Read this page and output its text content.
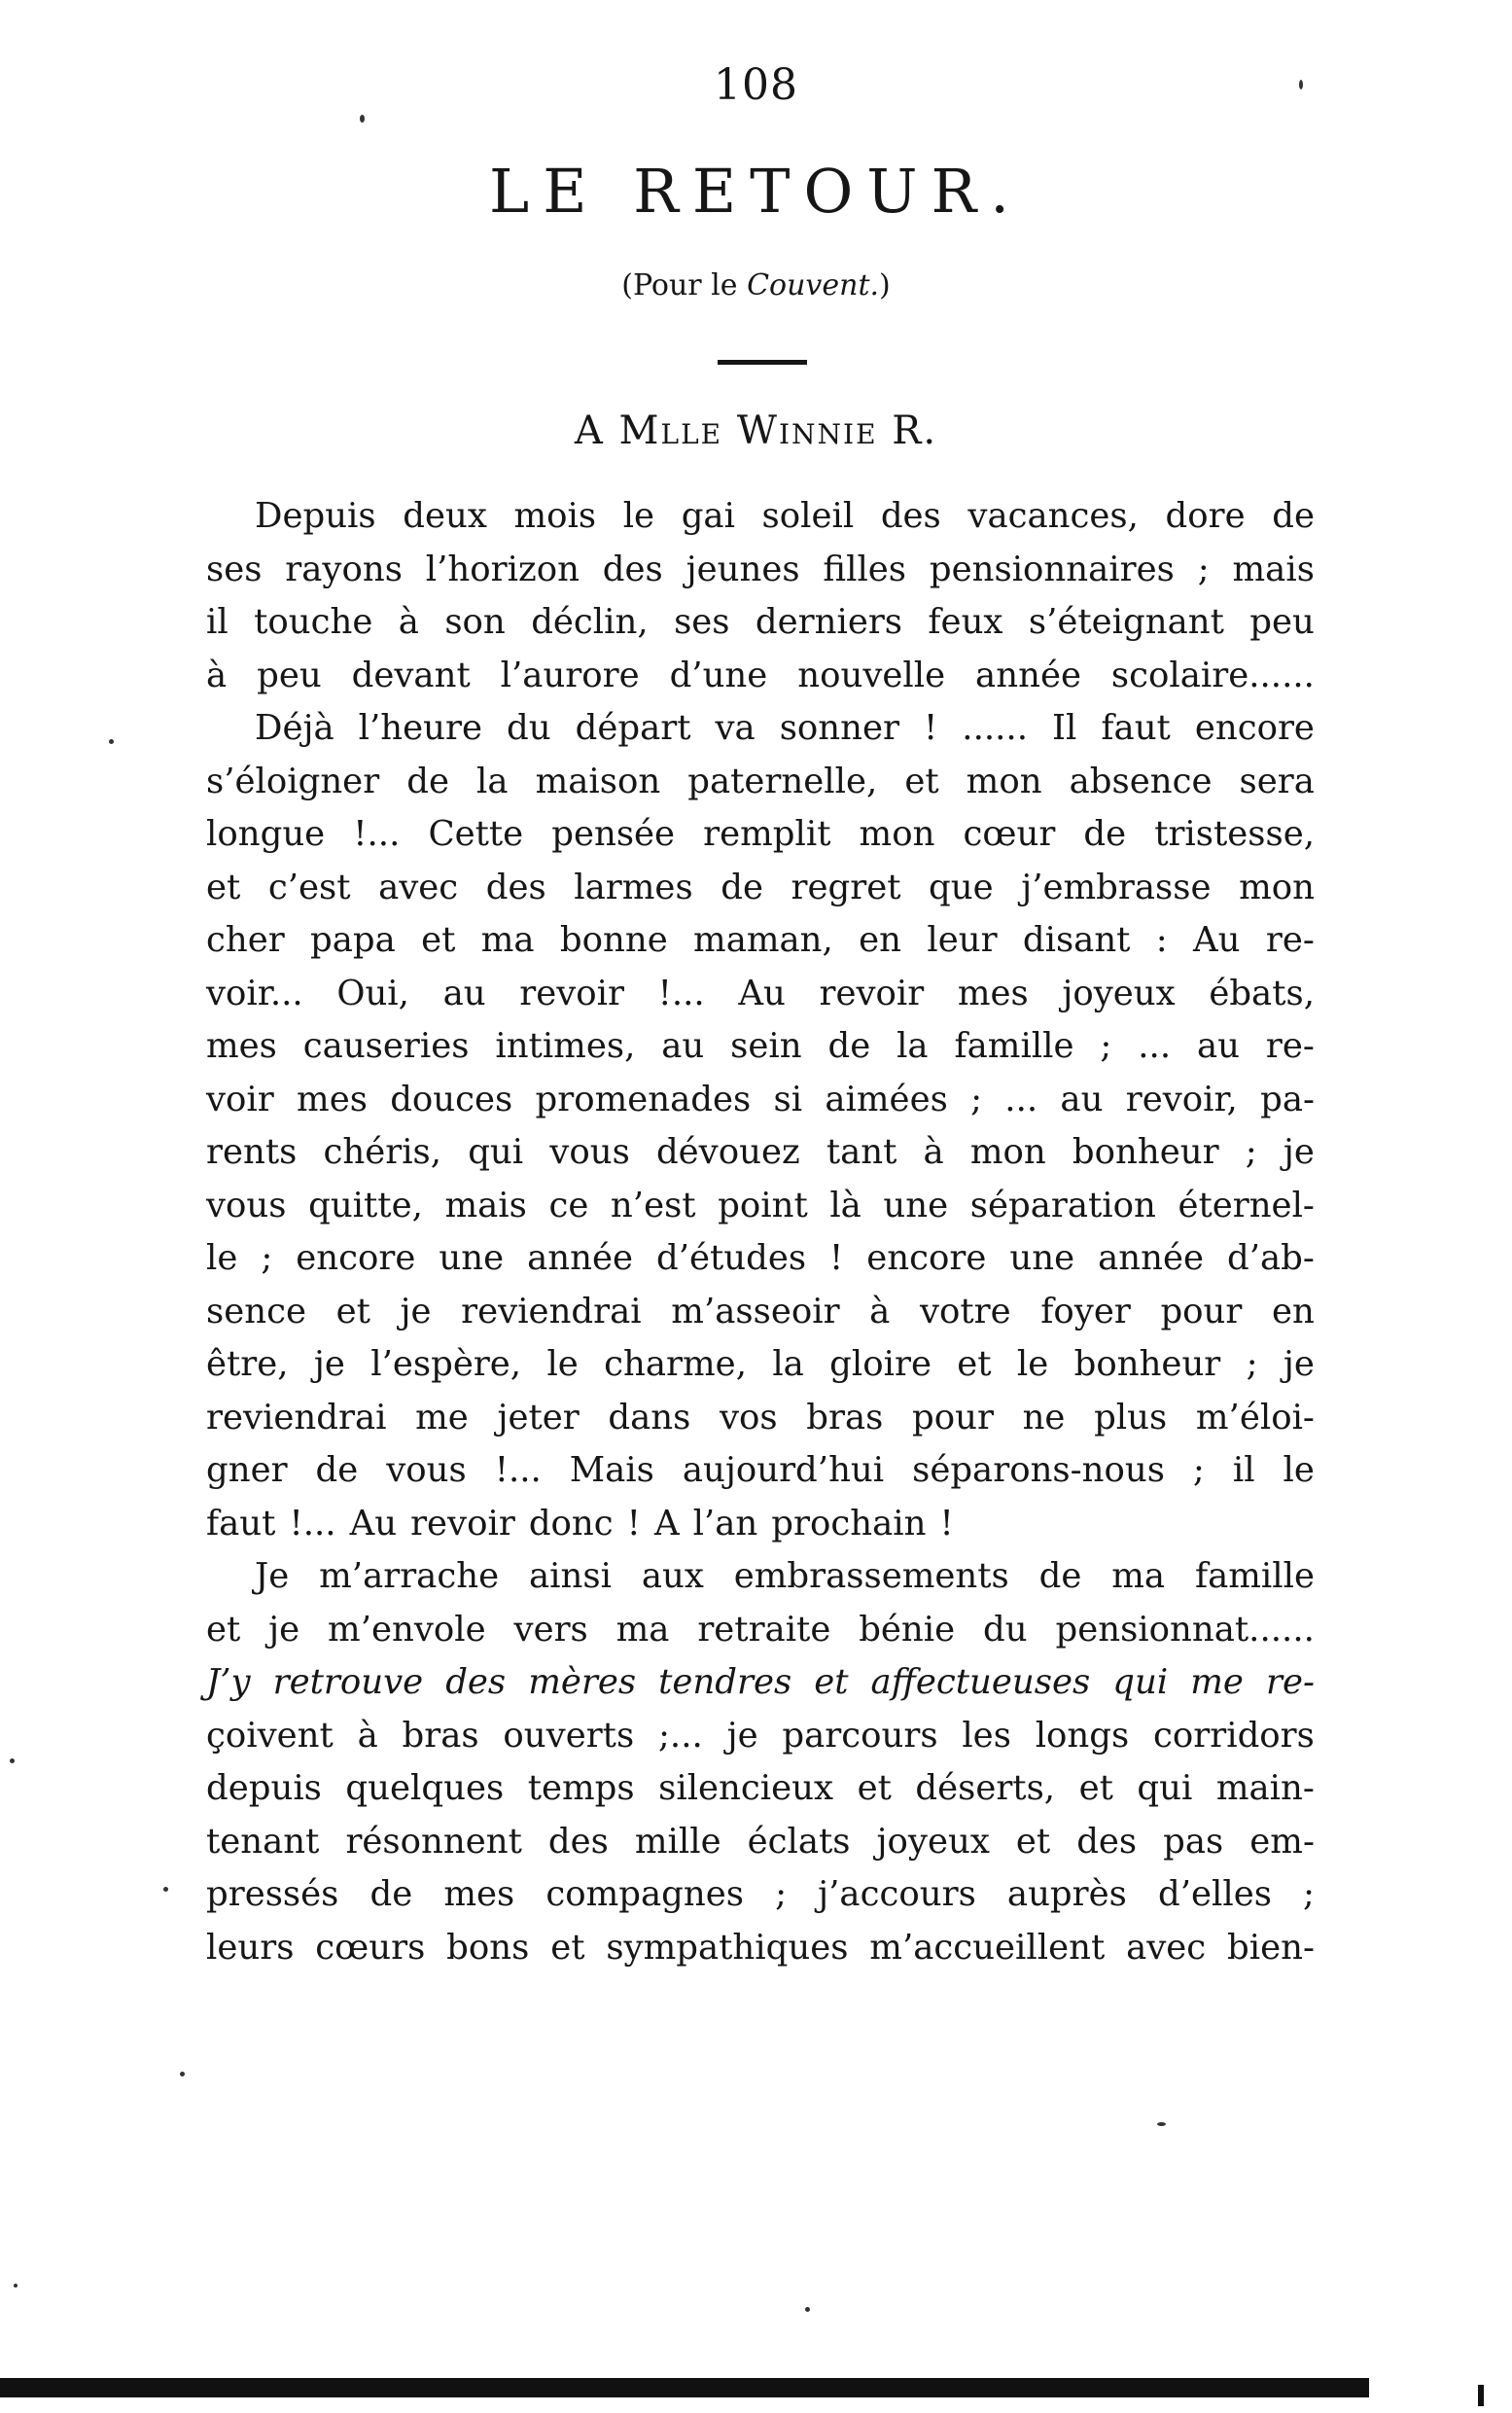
108
LE RETOUR.
(Pour le Couvent.)
A Mlle Winnie R.
Depuis deux mois le gai soleil des vacances, dore de
ses rayons l’horizon des jeunes filles pensionnaires ; mais
il touche à son déclin, ses derniers feux s’éteignant peu
à peu devant l’aurore d’une nouvelle année scolaire......
Déjà l’heure du départ va sonner ! ...... Il faut encore
s’éloigner de la maison paternelle, et mon absence sera
longue !... Cette pensée remplit mon cœur de tristesse,
et c’est avec des larmes de regret que j’embrasse mon
cher papa et ma bonne maman, en leur disant : Au re-
voir... Oui, au revoir !... Au revoir mes joyeux ébats,
mes causeries intimes, au sein de la famille ; ... au re-
voir mes douces promenades si aimées ; ... au revoir, pa-
rents chéris, qui vous dévouez tant à mon bonheur ; je
vous quitte, mais ce n’est point là une séparation éternel-
le ; encore une année d’études ! encore une année d’ab-
sence et je reviendrai m’asseoir à votre foyer pour en
être, je l’espère, le charme, la gloire et le bonheur ; je
reviendrai me jeter dans vos bras pour ne plus m’éloi-
gner de vous !... Mais aujourd’hui séparons-nous ; il le
faut !... Au revoir donc ! A l’an prochain !
Je m’arrache ainsi aux embrassements de ma famille
et je m’envole vers ma retraite bénie du pensionnat......
J’y retrouve des mères tendres et affectueuses qui me re-
çoivent à bras ouverts ;... je parcours les longs corridors
depuis quelques temps silencieux et déserts, et qui main-
tenant résonnent des mille éclats joyeux et des pas em-
pressés de mes compagnes ; j’accours auprès d’elles ;
leurs cœurs bons et sympathiques m’accueillent avec bien-
